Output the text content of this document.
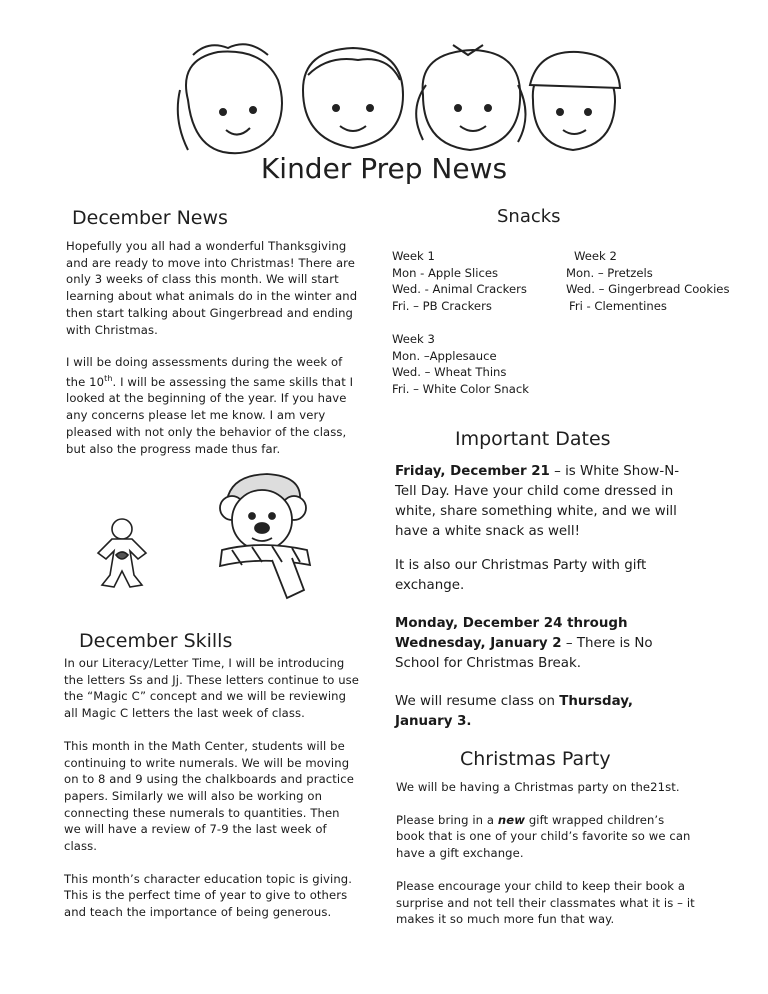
Kinder Prep News
December News

Hopefully you all had a wonderful Thanksgiving and are ready to move into Christmas! There are only 3 weeks of class this month. We will start learning about what animals do in the winter and then start talking about Gingerbread and ending with Christmas.

I will be doing assessments during the week of the 10th. I will be assessing the same skills that I looked at the beginning of the year. If you have any concerns please let me know. I am very pleased with not only the behavior of the class, but also the progress made thus far.

Snacks
Week 1
Mon - Apple Slices
Wed. - Animal Crackers
Fri. – PB Crackers
Week 2
Mon. – Pretzels
Wed. – Gingerbread Cookies
Fri - Clementines
Week 3
Mon. –Applesauce
Wed. – Wheat Thins
Fri. – White Color Snack
Important Dates

Friday, December 21 – is White Show-N-Tell Day. Have your child come dressed in white, share something white, and we will have a white snack as well!

It is also our Christmas Party with gift exchange.

Monday, December 24 through Wednesday, January 2 – There is No School for Christmas Break.

We will resume class on Thursday, January 3.

December Skills

In our Literacy/Letter Time, I will be introducing the letters Ss and Jj. These letters continue to use the “Magic C” concept and we will be reviewing all Magic C letters the last week of class.

This month in the Math Center, students will be continuing to write numerals. We will be moving on to 8 and 9 using the chalkboards and practice papers. Similarly we will also be working on connecting these numerals to quantities. Then we will have a review of 7-9 the last week of class.

This month’s character education topic is giving. This is the perfect time of year to give to others and teach the importance of being generous.

Christmas Party

We will be having a Christmas party on the21st.

Please bring in a new gift wrapped children’s book that is one of your child’s favorite so we can have a gift exchange.

Please encourage your child to keep their book a surprise and not tell their classmates what it is – it makes it so much more fun that way.
